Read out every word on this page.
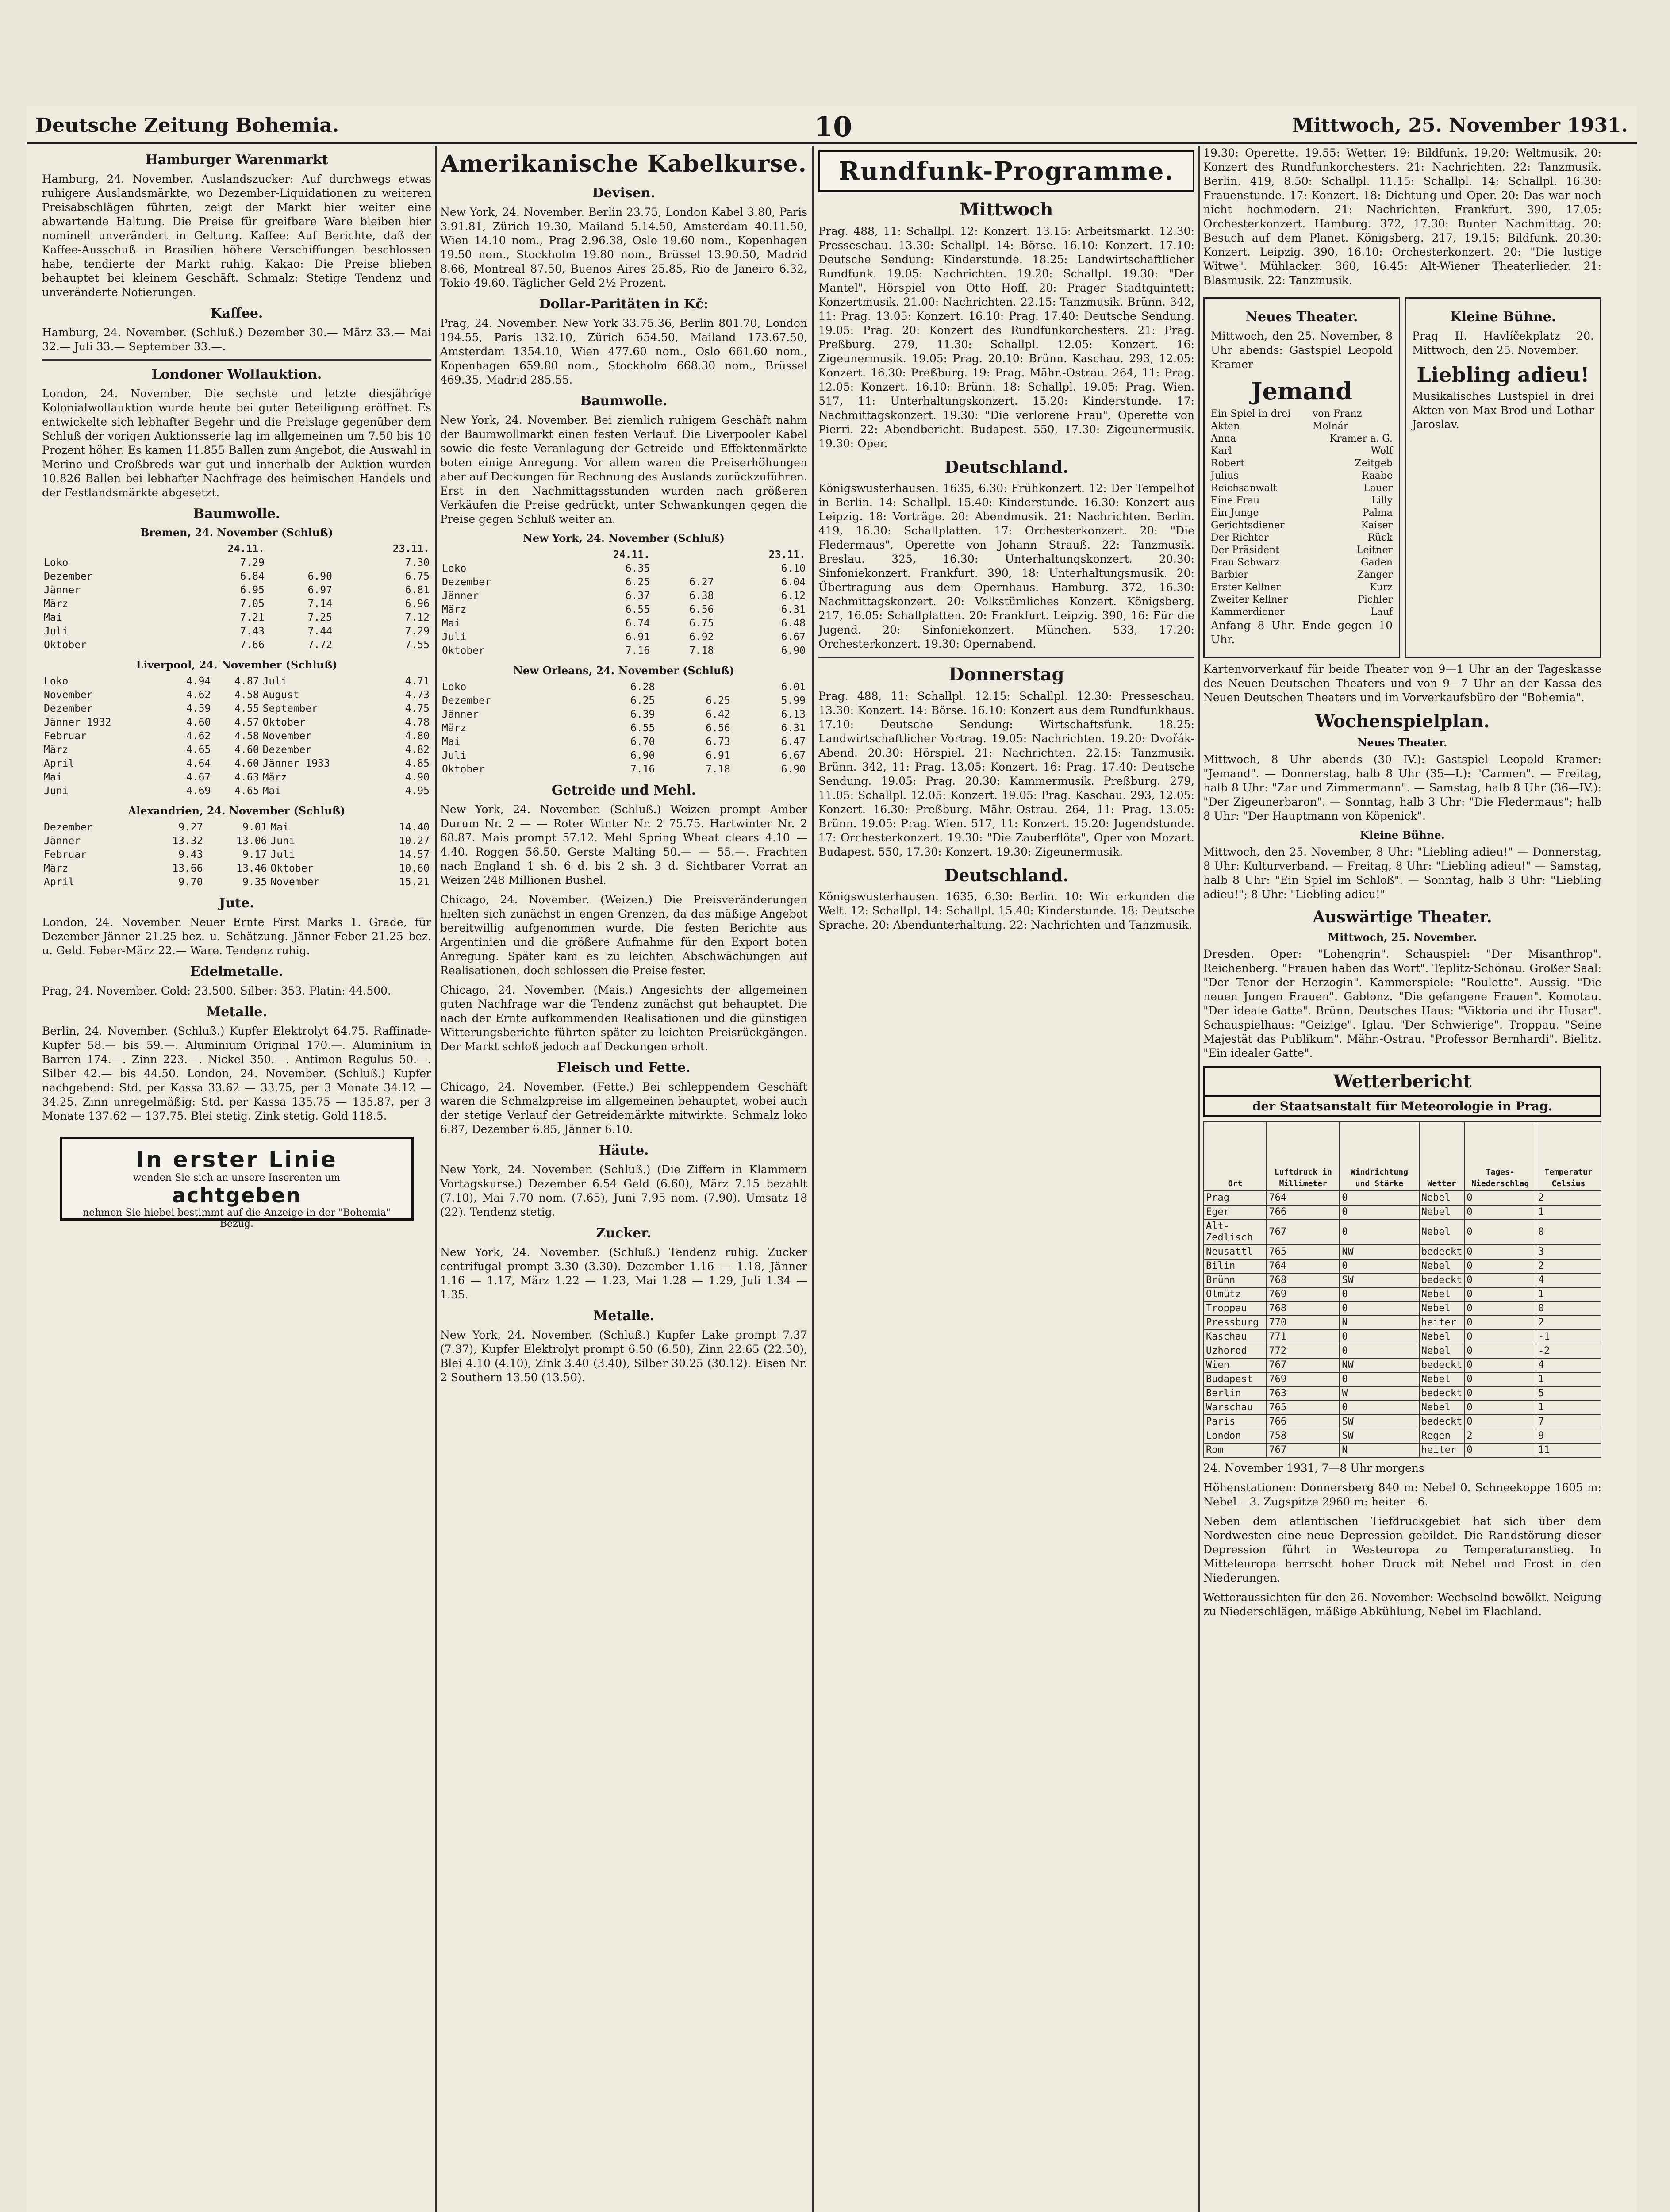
Deutsche Zeitung Bohemia.	10	Mittwoch, 25. November 1931.
Hamburger Warenmarkt

Hamburg, 24. November. Auslandszucker: Auf durchwegs etwas ruhigere Auslandsmärkte, wo Dezember-Liquidationen zu weiteren Preisabschlägen führten, zeigt der Markt hier weiter eine abwartende Haltung. Die Preise für greifbare Ware bleiben hier nominell unverändert in Geltung. Kaffee: Auf Berichte, daß der Kaffee-Ausschuß in Brasilien höhere Verschiffungen beschlossen habe, tendierte der Markt ruhig. Kakao: Die Preise blieben behauptet bei kleinem Geschäft. Schmalz: Stetige Tendenz und unveränderte Notierungen.

Kaffee.

Hamburg, 24. November. (Schluß.) Dezember 30.— März 33.— Mai 32.— Juli 33.— September 33.—.

Londoner Wollauktion.

London, 24. November. Die sechste und letzte diesjährige Kolonialwollauktion wurde heute bei guter Beteiligung eröffnet. Es entwickelte sich lebhafter Begehr und die Preislage gegenüber dem Schluß der vorigen Auktionsserie lag im allgemeinen um 7.50 bis 10 Prozent höher. Es kamen 11.855 Ballen zum Angebot, die Auswahl in Merino und Croßbreds war gut und innerhalb der Auktion wurden 10.826 Ballen bei lebhafter Nachfrage des heimischen Handels und der Festlandsmärkte abgesetzt.

Baumwolle.
Bremen, 24. November (Schluß)
	24.11.		23.11.
Loko	7.29		7.30
Dezember	6.84	6.90	6.75
Jänner	6.95	6.97	6.81
März	7.05	7.14	6.96
Mai	7.21	7.25	7.12
Juli	7.43	7.44	7.29
Oktober	7.66	7.72	7.55
Liverpool, 24. November (Schluß)
Loko	4.94	4.87	Juli	4.71
November	4.62	4.58	August	4.73
Dezember	4.59	4.55	September	4.75
Jänner 1932	4.60	4.57	Oktober	4.78
Februar	4.62	4.58	November	4.80
März	4.65	4.60	Dezember	4.82
April	4.64	4.60	Jänner 1933	4.85
Mai	4.67	4.63	März	4.90
Juni	4.69	4.65	Mai	4.95
Alexandrien, 24. November (Schluß)
Dezember	9.27	9.01	Mai	14.40
Jänner	13.32	13.06	Juni	10.27
Februar	9.43	9.17	Juli	14.57
März	13.66	13.46	Oktober	10.60
April	9.70	9.35	November	15.21
Jute.

London, 24. November. Neuer Ernte First Marks 1. Grade, für Dezember-Jänner 21.25 bez. u. Schätzung. Jänner-Feber 21.25 bez. u. Geld. Feber-März 22.— Ware. Tendenz ruhig.

Edelmetalle.

Prag, 24. November. Gold: 23.500. Silber: 353. Platin: 44.500.

Metalle.

Berlin, 24. November. (Schluß.) Kupfer Elektrolyt 64.75. Raffinade-Kupfer 58.— bis 59.—. Aluminium Original 170.—. Aluminium in Barren 174.—. Zinn 223.—. Nickel 350.—. Antimon Regulus 50.—. Silber 42.— bis 44.50. London, 24. November. (Schluß.) Kupfer nachgebend: Std. per Kassa 33.62 — 33.75, per 3 Monate 34.12 — 34.25. Zinn unregelmäßig: Std. per Kassa 135.75 — 135.87, per 3 Monate 137.62 — 137.75. Blei stetig. Zink stetig. Gold 118.5.

In erster Linie
wenden Sie sich an unsere Inserenten um
achtgeben
nehmen Sie hiebei bestimmt auf die Anzeige in der "Bohemia" Bezug.
Amerikanische Kabelkurse.
Devisen.

New York, 24. November. Berlin 23.75, London Kabel 3.80, Paris 3.91.81, Zürich 19.30, Mailand 5.14.50, Amsterdam 40.11.50, Wien 14.10 nom., Prag 2.96.38, Oslo 19.60 nom., Kopenhagen 19.50 nom., Stockholm 19.80 nom., Brüssel 13.90.50, Madrid 8.66, Montreal 87.50, Buenos Aires 25.85, Rio de Janeiro 6.32, Tokio 49.60. Täglicher Geld 2½ Prozent.

Dollar-Paritäten in Kč:

Prag, 24. November. New York 33.75.36, Berlin 801.70, London 194.55, Paris 132.10, Zürich 654.50, Mailand 173.67.50, Amsterdam 1354.10, Wien 477.60 nom., Oslo 661.60 nom., Kopenhagen 659.80 nom., Stockholm 668.30 nom., Brüssel 469.35, Madrid 285.55.

Baumwolle.

New York, 24. November. Bei ziemlich ruhigem Geschäft nahm der Baumwollmarkt einen festen Verlauf. Die Liverpooler Kabel sowie die feste Veranlagung der Getreide- und Effektenmärkte boten einige Anregung. Vor allem waren die Preiserhöhungen aber auf Deckungen für Rechnung des Auslands zurückzuführen. Erst in den Nachmittagsstunden wurden nach größeren Verkäufen die Preise gedrückt, unter Schwankungen gegen die Preise gegen Schluß weiter an.

New York, 24. November (Schluß)
	24.11.		23.11.
Loko	6.35		6.10
Dezember	6.25	6.27	6.04
Jänner	6.37	6.38	6.12
März	6.55	6.56	6.31
Mai	6.74	6.75	6.48
Juli	6.91	6.92	6.67
Oktober	7.16	7.18	6.90
New Orleans, 24. November (Schluß)
Loko	6.28		6.01
Dezember	6.25	6.25	5.99
Jänner	6.39	6.42	6.13
März	6.55	6.56	6.31
Mai	6.70	6.73	6.47
Juli	6.90	6.91	6.67
Oktober	7.16	7.18	6.90
Getreide und Mehl.

New York, 24. November. (Schluß.) Weizen prompt Amber Durum Nr. 2 — — Roter Winter Nr. 2 75.75. Hartwinter Nr. 2 68.87. Mais prompt 57.12. Mehl Spring Wheat clears 4.10 — 4.40. Roggen 56.50. Gerste Malting 50.— — 55.—. Frachten nach England 1 sh. 6 d. bis 2 sh. 3 d. Sichtbarer Vorrat an Weizen 248 Millionen Bushel.

Chicago, 24. November. (Weizen.) Die Preisveränderungen hielten sich zunächst in engen Grenzen, da das mäßige Angebot bereitwillig aufgenommen wurde. Die festen Berichte aus Argentinien und die größere Aufnahme für den Export boten Anregung. Später kam es zu leichten Abschwächungen auf Realisationen, doch schlossen die Preise fester.

Chicago, 24. November. (Mais.) Angesichts der allgemeinen guten Nachfrage war die Tendenz zunächst gut behauptet. Die nach der Ernte aufkommenden Realisationen und die günstigen Witterungsberichte führten später zu leichten Preisrückgängen. Der Markt schloß jedoch auf Deckungen erholt.

Fleisch und Fette.

Chicago, 24. November. (Fette.) Bei schleppendem Geschäft waren die Schmalzpreise im allgemeinen behauptet, wobei auch der stetige Verlauf der Getreidemärkte mitwirkte. Schmalz loko 6.87, Dezember 6.85, Jänner 6.10.

Häute.

New York, 24. November. (Schluß.) (Die Ziffern in Klammern Vortagskurse.) Dezember 6.54 Geld (6.60), März 7.15 bezahlt (7.10), Mai 7.70 nom. (7.65), Juni 7.95 nom. (7.90). Umsatz 18 (22). Tendenz stetig.

Zucker.

New York, 24. November. (Schluß.) Tendenz ruhig. Zucker centrifugal prompt 3.30 (3.30). Dezember 1.16 — 1.18, Jänner 1.16 — 1.17, März 1.22 — 1.23, Mai 1.28 — 1.29, Juli 1.34 — 1.35.

Metalle.

New York, 24. November. (Schluß.) Kupfer Lake prompt 7.37 (7.37), Kupfer Elektrolyt prompt 6.50 (6.50), Zinn 22.65 (22.50), Blei 4.10 (4.10), Zink 3.40 (3.40), Silber 30.25 (30.12). Eisen Nr. 2 Southern 13.50 (13.50).

Rundfunk-Programme.
Mittwoch

Prag. 488, 11: Schallpl. 12: Konzert. 13.15: Arbeitsmarkt. 12.30: Presseschau. 13.30: Schallpl. 14: Börse. 16.10: Konzert. 17.10: Deutsche Sendung: Kinderstunde. 18.25: Landwirtschaftlicher Rundfunk. 19.05: Nachrichten. 19.20: Schallpl. 19.30: "Der Mantel", Hörspiel von Otto Hoff. 20: Prager Stadtquintett: Konzertmusik. 21.00: Nachrichten. 22.15: Tanzmusik. Brünn. 342, 11: Prag. 13.05: Konzert. 16.10: Prag. 17.40: Deutsche Sendung. 19.05: Prag. 20: Konzert des Rundfunkorchesters. 21: Prag. Preßburg. 279, 11.30: Schallpl. 12.05: Konzert. 16: Zigeunermusik. 19.05: Prag. 20.10: Brünn. Kaschau. 293, 12.05: Konzert. 16.30: Preßburg. 19: Prag. Mähr.-Ostrau. 264, 11: Prag. 12.05: Konzert. 16.10: Brünn. 18: Schallpl. 19.05: Prag. Wien. 517, 11: Unterhaltungskonzert. 15.20: Kinderstunde. 17: Nachmittagskonzert. 19.30: "Die verlorene Frau", Operette von Pierri. 22: Abendbericht. Budapest. 550, 17.30: Zigeunermusik. 19.30: Oper.

Deutschland.

Königswusterhausen. 1635, 6.30: Frühkonzert. 12: Der Tempelhof in Berlin. 14: Schallpl. 15.40: Kinderstunde. 16.30: Konzert aus Leipzig. 18: Vorträge. 20: Abendmusik. 21: Nachrichten. Berlin. 419, 16.30: Schallplatten. 17: Orchesterkonzert. 20: "Die Fledermaus", Operette von Johann Strauß. 22: Tanzmusik. Breslau. 325, 16.30: Unterhaltungskonzert. 20.30: Sinfoniekonzert. Frankfurt. 390, 18: Unterhaltungsmusik. 20: Übertragung aus dem Opernhaus. Hamburg. 372, 16.30: Nachmittagskonzert. 20: Volkstümliches Konzert. Königsberg. 217, 16.05: Schallplatten. 20: Frankfurt. Leipzig. 390, 16: Für die Jugend. 20: Sinfoniekonzert. München. 533, 17.20: Orchesterkonzert. 19.30: Opernabend.

Donnerstag

Prag. 488, 11: Schallpl. 12.15: Schallpl. 12.30: Presseschau. 13.30: Konzert. 14: Börse. 16.10: Konzert aus dem Rundfunkhaus. 17.10: Deutsche Sendung: Wirtschaftsfunk. 18.25: Landwirtschaftlicher Vortrag. 19.05: Nachrichten. 19.20: Dvořák-Abend. 20.30: Hörspiel. 21: Nachrichten. 22.15: Tanzmusik. Brünn. 342, 11: Prag. 13.05: Konzert. 16: Prag. 17.40: Deutsche Sendung. 19.05: Prag. 20.30: Kammermusik. Preßburg. 279, 11.05: Schallpl. 12.05: Konzert. 19.05: Prag. Kaschau. 293, 12.05: Konzert. 16.30: Preßburg. Mähr.-Ostrau. 264, 11: Prag. 13.05: Brünn. 19.05: Prag. Wien. 517, 11: Konzert. 15.20: Jugendstunde. 17: Orchesterkonzert. 19.30: "Die Zauberflöte", Oper von Mozart. Budapest. 550, 17.30: Konzert. 19.30: Zigeunermusik.

Deutschland.

Königswusterhausen. 1635, 6.30: Berlin. 10: Wir erkunden die Welt. 12: Schallpl. 14: Schallpl. 15.40: Kinderstunde. 18: Deutsche Sprache. 20: Abendunterhaltung. 22: Nachrichten und Tanzmusik.

19.30: Operette. 19.55: Wetter. 19: Bildfunk. 19.20: Weltmusik. 20: Konzert des Rundfunkorchesters. 21: Nachrichten. 22: Tanzmusik. Berlin. 419, 8.50: Schallpl. 11.15: Schallpl. 14: Schallpl. 16.30: Frauenstunde. 17: Konzert. 18: Dichtung und Oper. 20: Das war noch nicht hochmodern. 21: Nachrichten. Frankfurt. 390, 17.05: Orchesterkonzert. Hamburg. 372, 17.30: Bunter Nachmittag. 20: Besuch auf dem Planet. Königsberg. 217, 19.15: Bildfunk. 20.30: Konzert. Leipzig. 390, 16.10: Orchesterkonzert. 20: "Die lustige Witwe". Mühlacker. 360, 16.45: Alt-Wiener Theaterlieder. 21: Blasmusik. 22: Tanzmusik.

Neues Theater.

Mittwoch, den 25. November, 8 Uhr abends: Gastspiel Leopold Kramer

Jemand
Ein Spiel in drei Akten
von Franz Molnár
Anna	Kramer a. G.
Karl	Wolf
Robert	Zeitgeb
Julius	Raabe
Reichsanwalt	Lauer
Eine Frau	Lilly
Ein Junge	Palma
Gerichtsdiener	Kaiser
Der Richter	Rück
Der Präsident	Leitner
Frau Schwarz	Gaden
Barbier	Zanger
Erster Kellner	Kurz
Zweiter Kellner	Pichler
Kammerdiener	Lauf

Anfang 8 Uhr. Ende gegen 10 Uhr.

Kleine Bühne.

Prag II. Havlíčekplatz 20. Mittwoch, den 25. November.

Liebling adieu!

Musikalisches Lustspiel in drei Akten von Max Brod und Lothar Jaroslav.

Kartenvorverkauf für beide Theater von 9—1 Uhr an der Tageskasse des Neuen Deutschen Theaters und von 9—7 Uhr an der Kassa des Neuen Deutschen Theaters und im Vorverkaufsbüro der "Bohemia".

Wochenspielplan.
Neues Theater.

Mittwoch, 8 Uhr abends (30—IV.): Gastspiel Leopold Kramer: "Jemand". — Donnerstag, halb 8 Uhr (35—I.): "Carmen". — Freitag, halb 8 Uhr: "Zar und Zimmermann". — Samstag, halb 8 Uhr (36—IV.): "Der Zigeunerbaron". — Sonntag, halb 3 Uhr: "Die Fledermaus"; halb 8 Uhr: "Der Hauptmann von Köpenick".

Kleine Bühne.

Mittwoch, den 25. November, 8 Uhr: "Liebling adieu!" — Donnerstag, 8 Uhr: Kulturverband. — Freitag, 8 Uhr: "Liebling adieu!" — Samstag, halb 8 Uhr: "Ein Spiel im Schloß". — Sonntag, halb 3 Uhr: "Liebling adieu!"; 8 Uhr: "Liebling adieu!"

Auswärtige Theater.
Mittwoch, 25. November.

Dresden. Oper: "Lohengrin". Schauspiel: "Der Misanthrop". Reichenberg. "Frauen haben das Wort". Teplitz-Schönau. Großer Saal: "Der Tenor der Herzogin". Kammerspiele: "Roulette". Aussig. "Die neuen Jungen Frauen". Gablonz. "Die gefangene Frauen". Komotau. "Der ideale Gatte". Brünn. Deutsches Haus: "Viktoria und ihr Husar". Schauspielhaus: "Geizige". Iglau. "Der Schwierige". Troppau. "Seine Majestät das Publikum". Mähr.-Ostrau. "Professor Bernhardi". Bielitz. "Ein idealer Gatte".

Wetterbericht
der Staatsanstalt für Meteorologie in Prag.
Ort	Luftdruck in Millimeter	Windrichtung und Stärke	Wetter	Tages-Niederschlag	Temperatur Celsius
Prag	764	0	Nebel	0	2
Eger	766	0	Nebel	0	1
Alt-Zedlisch	767	0	Nebel	0	0
Neusattl	765	NW	bedeckt	0	3
Bilin	764	0	Nebel	0	2
Brünn	768	SW	bedeckt	0	4
Olmütz	769	0	Nebel	0	1
Troppau	768	0	Nebel	0	0
Pressburg	770	N	heiter	0	2
Kaschau	771	0	Nebel	0	-1
Uzhorod	772	0	Nebel	0	-2
Wien	767	NW	bedeckt	0	4
Budapest	769	0	Nebel	0	1
Berlin	763	W	bedeckt	0	5
Warschau	765	0	Nebel	0	1
Paris	766	SW	bedeckt	0	7
London	758	SW	Regen	2	9
Rom	767	N	heiter	0	11

24. November 1931, 7—8 Uhr morgens

Höhenstationen: Donnersberg 840 m: Nebel 0. Schneekoppe 1605 m: Nebel −3. Zugspitze 2960 m: heiter −6.

Neben dem atlantischen Tiefdruckgebiet hat sich über dem Nordwesten eine neue Depression gebildet. Die Randstörung dieser Depression führt in Westeuropa zu Temperaturanstieg. In Mitteleuropa herrscht hoher Druck mit Nebel und Frost in den Niederungen.

Wetteraussichten für den 26. November: Wechselnd bewölkt, Neigung zu Niederschlägen, mäßige Abkühlung, Nebel im Flachland.
